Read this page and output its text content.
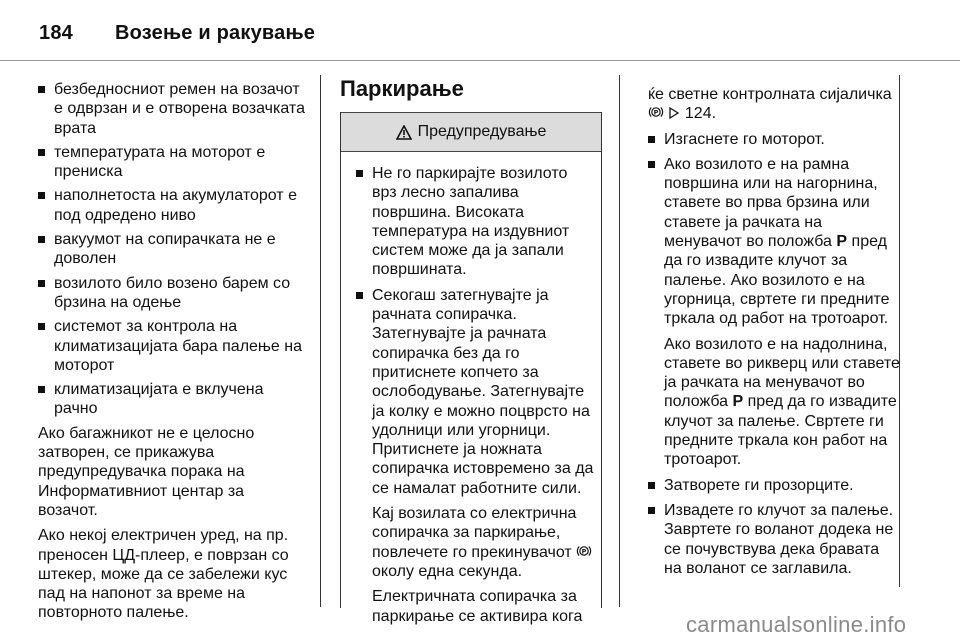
184 Возење и ракување
безбедносниот ремен на возачот е одврзан и е отворена возачката врата
температурата на моторот е прениска
наполнетоста на акумулаторот е под одредено ниво
вакуумот на сопирачката не е доволен
возилото било возено барем со брзина на одење
системот за контрола на климатизацијата бара палење на моторот
климатизацијата е вклучена рачно

Ако багажникот не е целосно затворен, се прикажува предупредувачка порака на Информативниот центар за возачот.

Ако некој електричен уред, на пр. преносен ЦД-плеер, е поврзан со штекер, може да се забележи кус пад на напонот за време на повторното палење.

Паркирање
Предупредување

Не го паркирајте возилото врз лесно запалива површина. Високата температура на издувниот систем може да ја запали површината.

Секогаш затегнувајте ја рачната сопирачка. Затегнувајте ја рачната сопирачка без да го притиснете копчето за ослободување. Затегнувајте ја колку е можно поцврсто на удолници или угорници. Притиснете ја ножната сопирачка истовремено за да се намалат работните сили.

Кај возилата со електрична сопирачка за паркирање, повлечете го прекинувачот P
околу една секунда.

Електричната сопирачка за паркирање се активира кога

ќе светне контролната сијаличка
P 124.

Изгаснете го моторот.

Ако возилото е на рамна површина или на нагорнина, ставете во прва брзина или ставете ја рачката на менувачот во положба P пред да го извадите клучот за палење. Ако возилото е на угорница, свртете ги предните тркала од работ на тротоарот.

Ако возилото е на надолнина, ставете во рикверц или ставете ја рачката на менувачот во положба P пред да го извадите клучот за палење. Свртете ги предните тркала кон работ на тротоарот.

Затворете ги прозорците.
Извадете го клучот за палење. Завртете го воланот додека не се почувствува дека бравата на воланот се заглавила.
carmanualsonline.info
